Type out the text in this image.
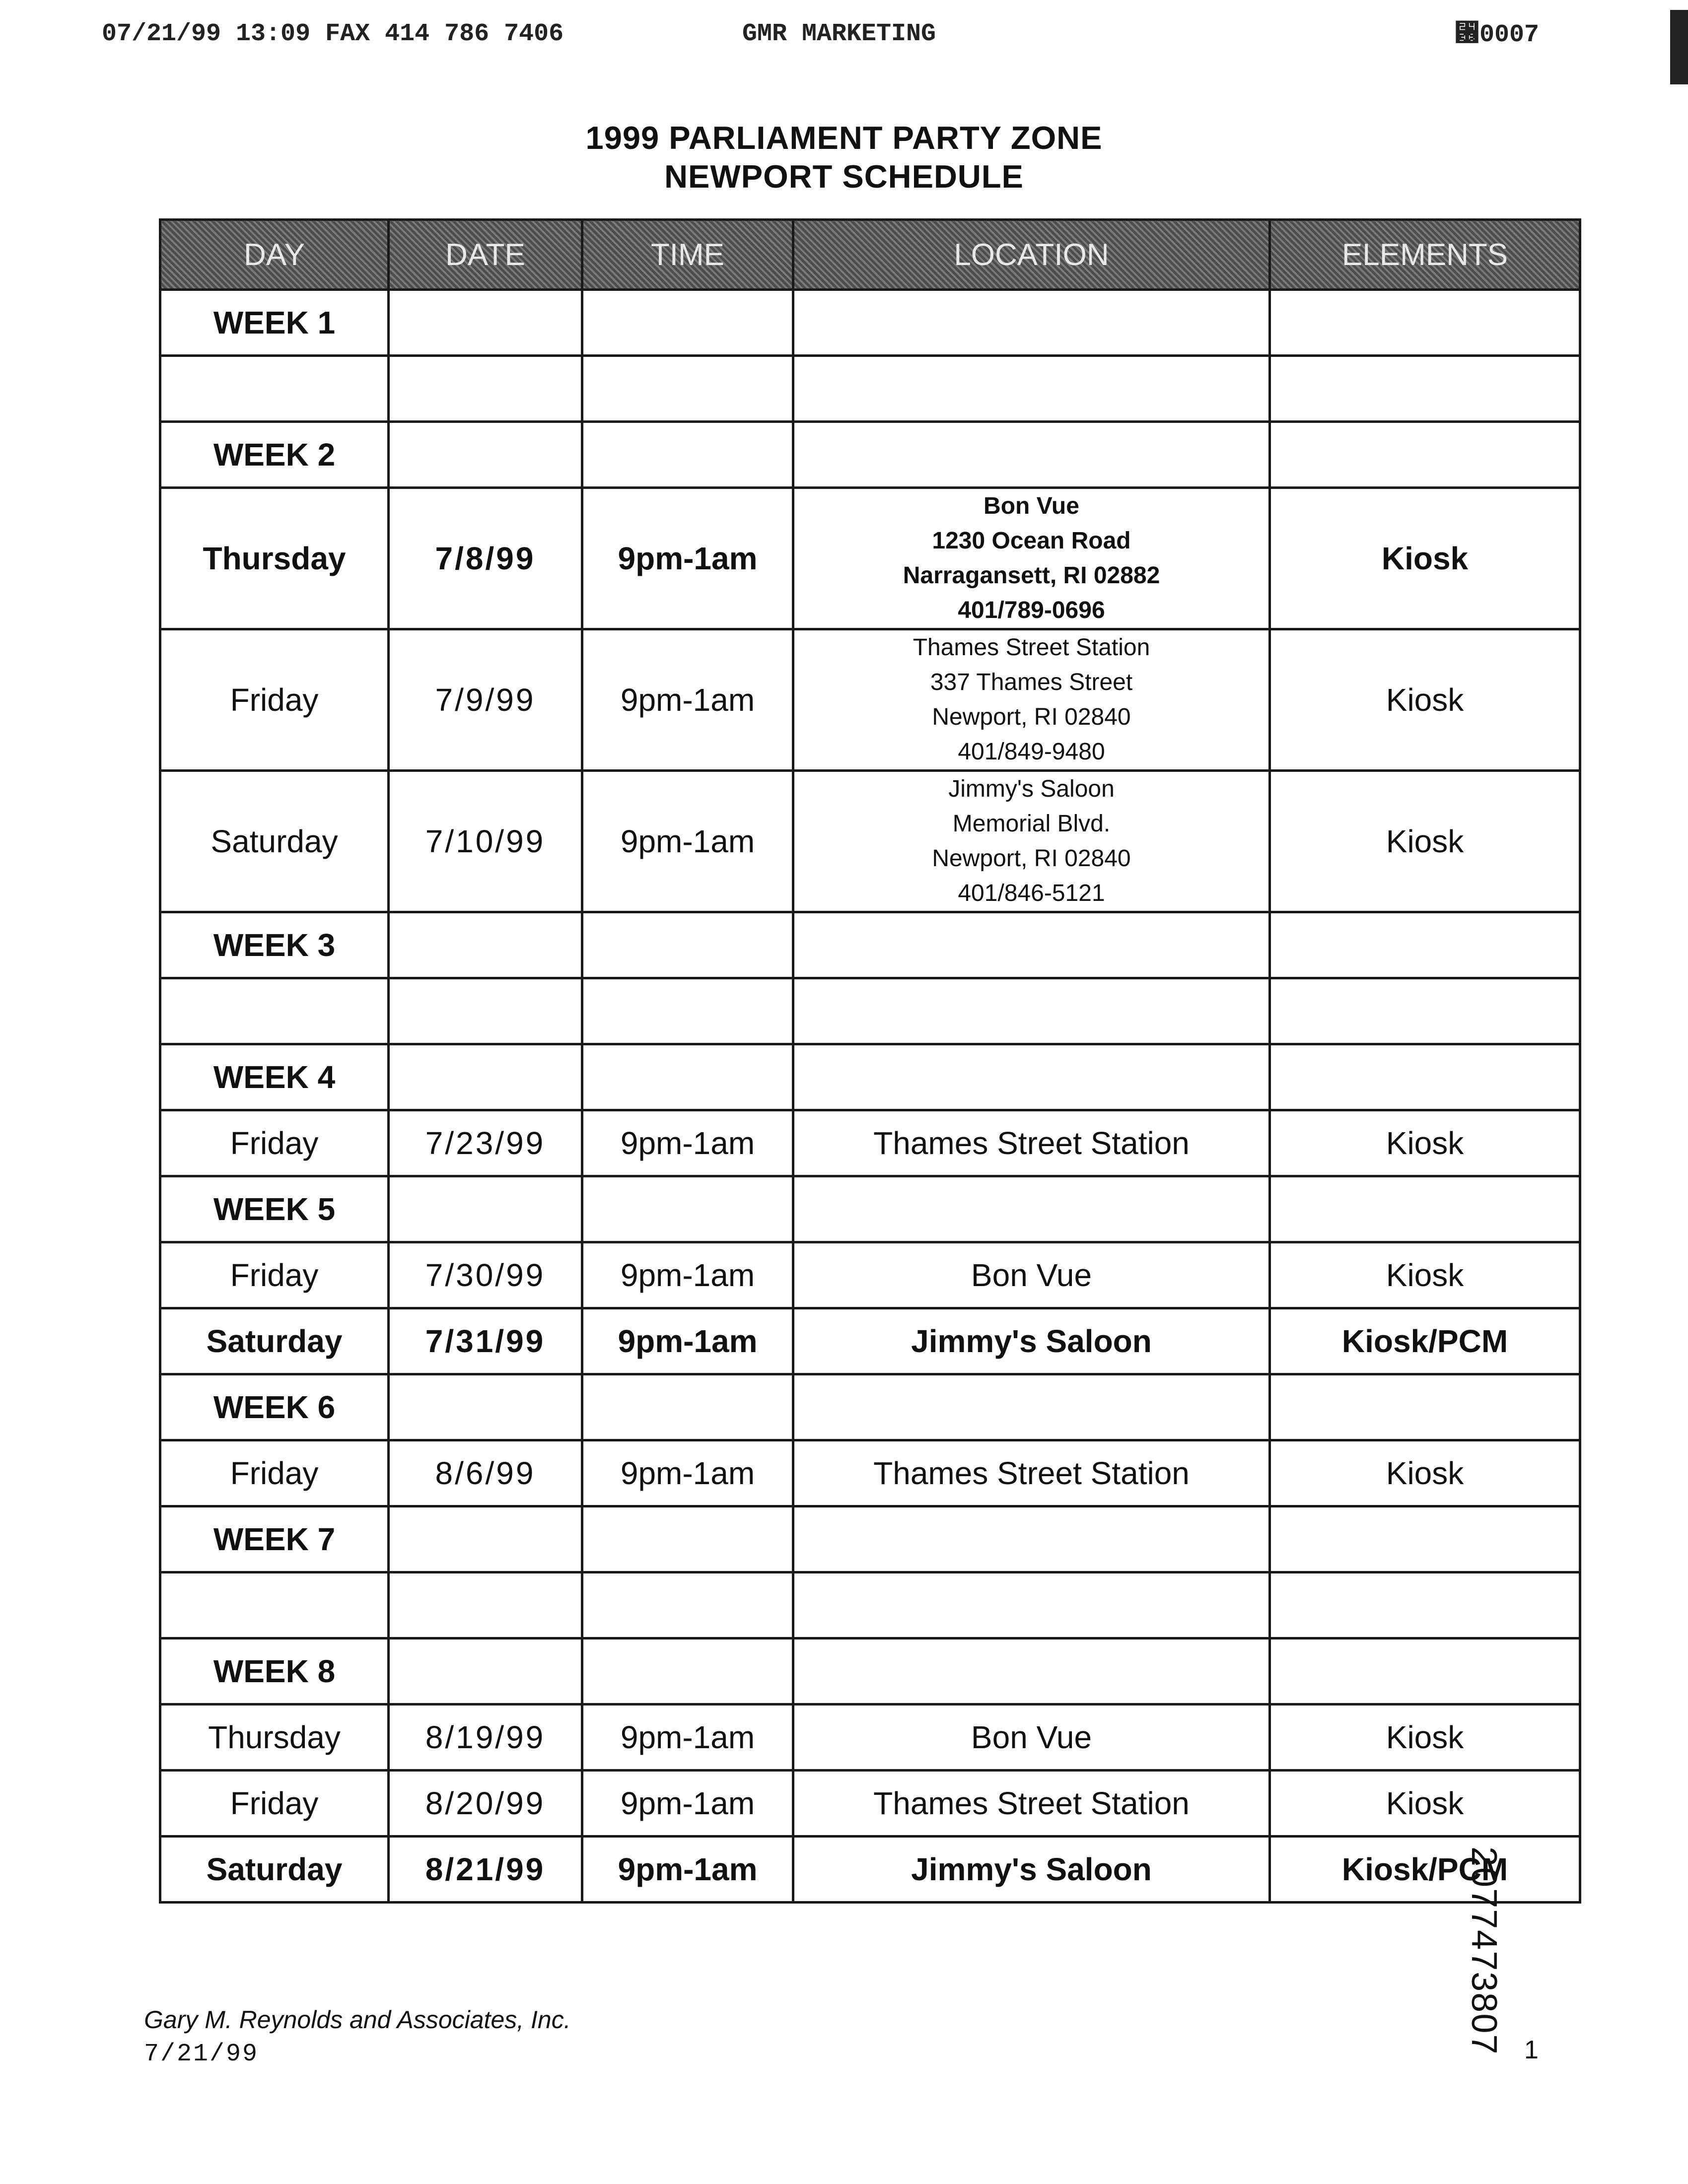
07/21/99 13:09 FAX 414 786 7406	GMR MARKETING	␶0007
1999 PARLIAMENT PARTY ZONE
NEWPORT SCHEDULE
DAY	DATE	TIME	LOCATION	ELEMENTS
WEEK 1				

WEEK 2				
Thursday	7/8/99	9pm-1am	Bon Vue
1230 Ocean Road
Narragansett, RI 02882
401/789-0696	Kiosk
Friday	7/9/99	9pm-1am	Thames Street Station
337 Thames Street
Newport, RI 02840
401/849-9480	Kiosk
Saturday	7/10/99	9pm-1am	Jimmy's Saloon
Memorial Blvd.
Newport, RI 02840
401/846-5121	Kiosk
WEEK 3				

WEEK 4				
Friday	7/23/99	9pm-1am	Thames Street Station	Kiosk
WEEK 5				
Friday	7/30/99	9pm-1am	Bon Vue	Kiosk
Saturday	7/31/99	9pm-1am	Jimmy's Saloon	Kiosk/PCM
WEEK 6				
Friday	8/6/99	9pm-1am	Thames Street Station	Kiosk
WEEK 7				

WEEK 8				
Thursday	8/19/99	9pm-1am	Bon Vue	Kiosk
Friday	8/20/99	9pm-1am	Thames Street Station	Kiosk
Saturday	8/21/99	9pm-1am	Jimmy's Saloon	Kiosk/PCM
2077473807
Gary M. Reynolds and Associates, Inc.
7/21/99	1
